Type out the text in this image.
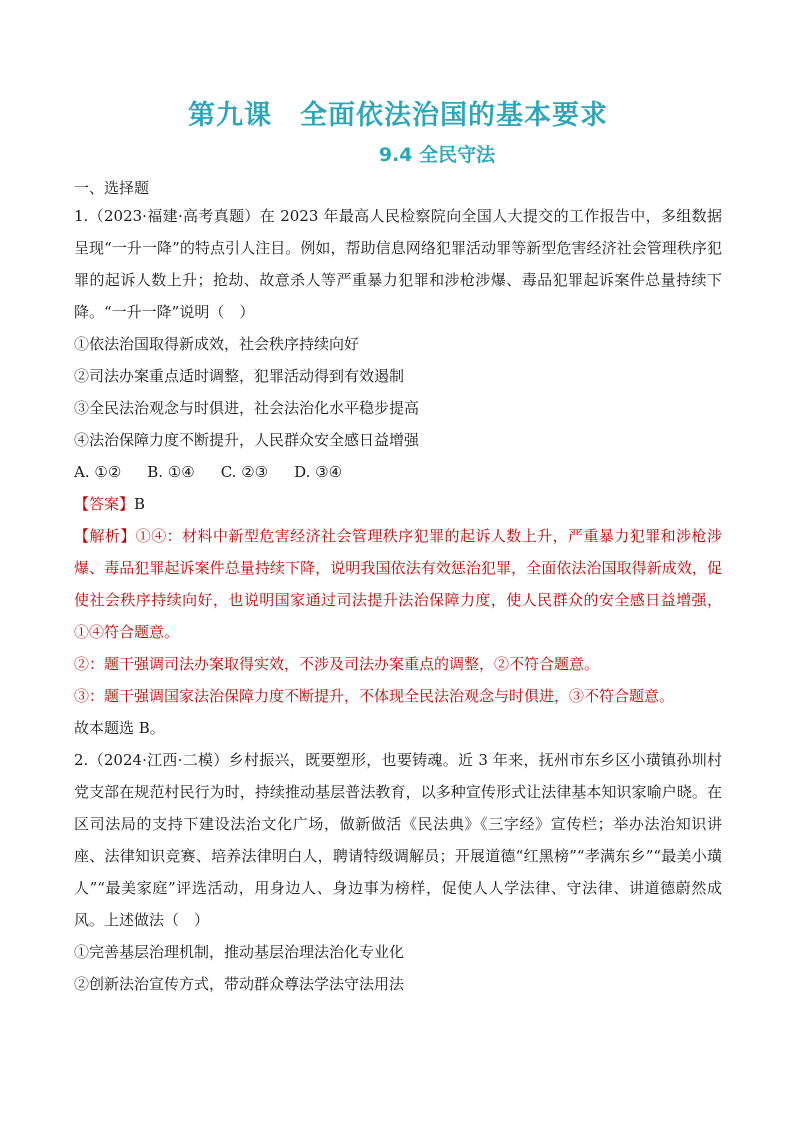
第九课　全面依法治国的基本要求
9.4 全民守法
一、选择题

1.（2023·福建·高考真题）在 2023 年最高人民检察院向全国人大提交的工作报告中，多组数据呈现“一升一降”的特点引人注目。例如，帮助信息网络犯罪活动罪等新型危害经济社会管理秩序犯罪的起诉人数上升；抢劫、故意杀人等严重暴力犯罪和涉枪涉爆、毒品犯罪起诉案件总量持续下降。“一升一降”说明（　）

①依法治国取得新成效，社会秩序持续向好

②司法办案重点适时调整，犯罪活动得到有效遏制

③全民法治观念与时俱进，社会法治化水平稳步提高

④法治保障力度不断提升，人民群众安全感日益增强

A. ①② B. ①④ C. ②③ D. ③④

【答案】B

【解析】①④：材料中新型危害经济社会管理秩序犯罪的起诉人数上升，严重暴力犯罪和涉枪涉爆、毒品犯罪起诉案件总量持续下降，说明我国依法有效惩治犯罪，全面依法治国取得新成效，促使社会秩序持续向好，也说明国家通过司法提升法治保障力度，使人民群众的安全感日益增强，①④符合题意。

②：题干强调司法办案取得实效，不涉及司法办案重点的调整，②不符合题意。

③：题干强调国家法治保障力度不断提升，不体现全民法治观念与时俱进，③不符合题意。

故本题选 B。

2.（2024·江西·二模）乡村振兴，既要塑形，也要铸魂。近 3 年来，抚州市东乡区小璜镇孙圳村党支部在规范村民行为时，持续推动基层普法教育，以多种宣传形式让法律基本知识家喻户晓。在区司法局的支持下建设法治文化广场，做新做活《民法典》《三字经》宣传栏；举办法治知识讲座、法律知识竞赛、培养法律明白人，聘请特级调解员；开展道德“红黑榜”“孝满东乡”“最美小璜人”“最美家庭”评选活动，用身边人、身边事为榜样，促使人人学法律、守法律、讲道德蔚然成风。上述做法（　）

①完善基层治理机制，推动基层治理法治化专业化

②创新法治宣传方式，带动群众尊法学法守法用法
